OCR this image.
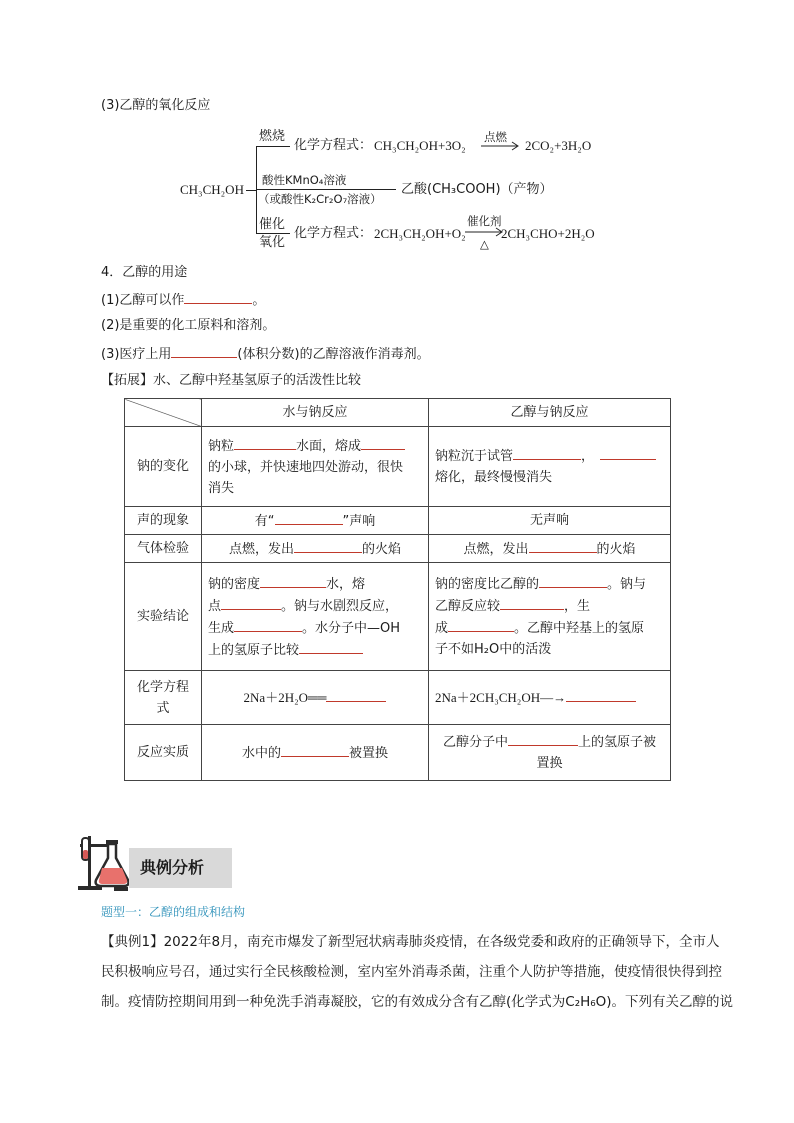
(3)乙醇的氧化反应
CH₃CH₂OH
燃烧
化学方程式： CH₃CH₂OH+3O₂
点燃
2CO₂+3H₂O
酸性KMnO₄溶液
（或酸性K₂Cr₂O₇溶液）
乙酸(CH₃COOH)（产物）
催化
氧化
化学方程式： 2CH₃CH₂OH+O₂
催化剂
△
2CH₃CHO+2H₂O
4．乙醇的用途
(1)乙醇可以作	。
(2)是重要的化工原料和溶剂。
(3)医疗上用	(体积分数)的乙醇溶液作消毒剂。
【拓展】水、乙醇中羟基氢原子的活泼性比较
	水与钠反应	乙醇与钠反应
钠的变化	钠粒 水面，熔成
的小球，并快速地四处游动，很快
消失	钠粒沉于试管 ，
熔化，最终慢慢消失
声的现象	有“ ”声响	无声响
气体检验	点燃，发出 的火焰	点燃，发出 的火焰
实验结论	钠的密度 水，熔
点 。钠与水剧烈反应，
生成 。水分子中—OH
上的氢原子比较	钠的密度比乙醇的 。钠与
乙醇反应较 ，生
成 。乙醇中羟基上的氢原
子不如H₂O中的活泼
化学方程
式	2Na＋2H₂O══	2Na＋2CH₃CH₂OH―→
反应实质	水中的 被置换	乙醇分子中 上的氢原子被
置换
典例分析
题型一：乙醇的组成和结构
【典例1】2022年8月，南充市爆发了新型冠状病毒肺炎疫情，在各级党委和政府的正确领导下，全市人
民积极响应号召，通过实行全民核酸检测，室内室外消毒杀菌，注重个人防护等措施，使疫情很快得到控
制。疫情防控期间用到一种免洗手消毒凝胶，它的有效成分含有乙醇(化学式为C₂H₆O)。下列有关乙醇的说
